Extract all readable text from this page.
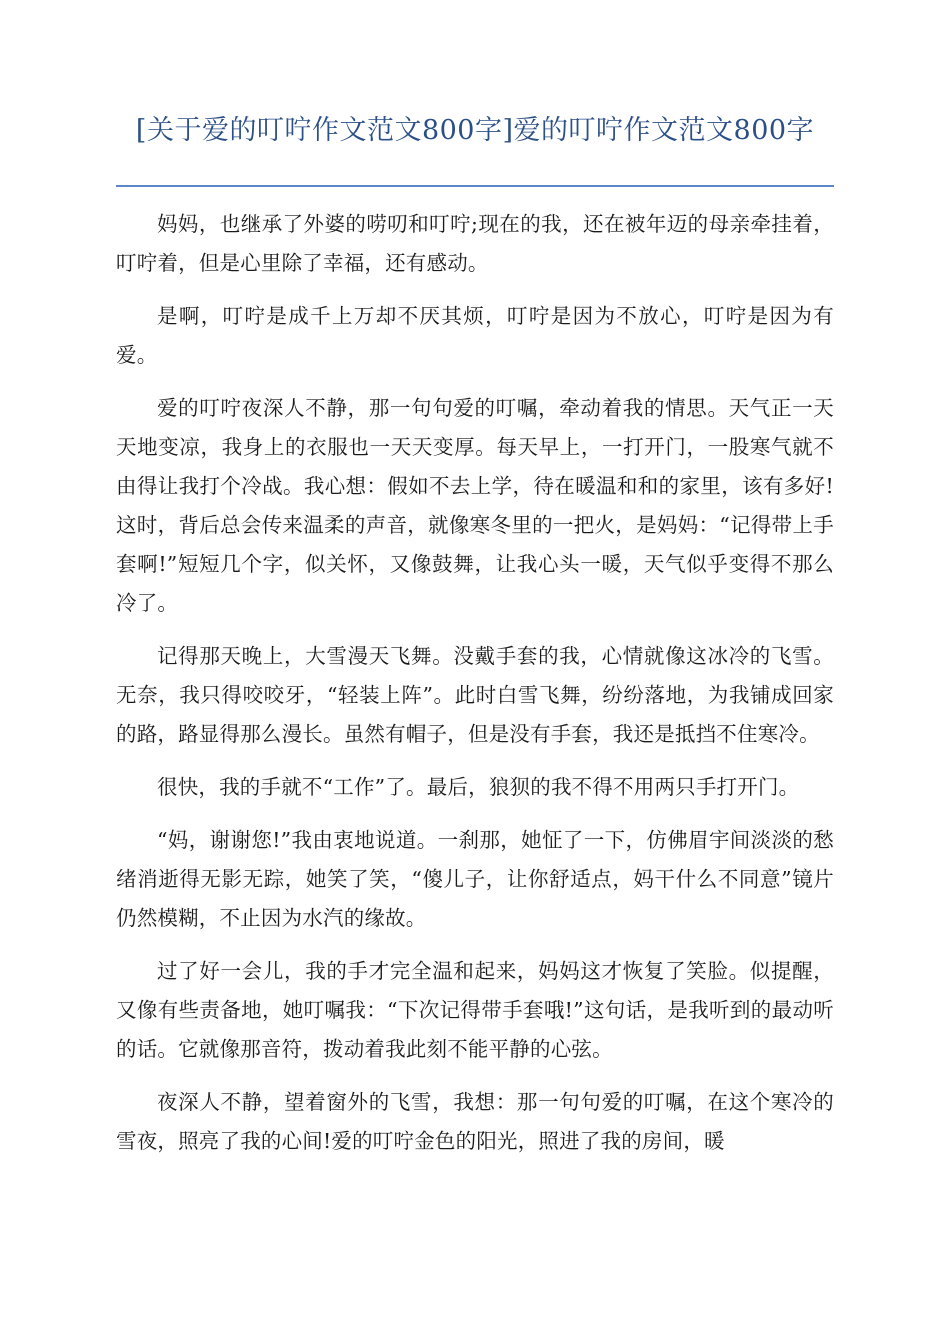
[关于爱的叮咛作文范文800字]爱的叮咛作文范文800字

妈妈，也继承了外婆的唠叨和叮咛;现在的我，还在被年迈的母亲牵挂着，叮咛着，但是心里除了幸福，还有感动。

是啊，叮咛是成千上万却不厌其烦，叮咛是因为不放心，叮咛是因为有爱。

爱的叮咛夜深人不静，那一句句爱的叮嘱，牵动着我的情思。天气正一天天地变凉，我身上的衣服也一天天变厚。每天早上，一打开门，一股寒气就不由得让我打个冷战。我心想：假如不去上学，待在暖温和和的家里，该有多好!这时，背后总会传来温柔的声音，就像寒冬里的一把火，是妈妈：“记得带上手套啊!”短短几个字，似关怀，又像鼓舞，让我心头一暖，天气似乎变得不那么冷了。

记得那天晚上，大雪漫天飞舞。没戴手套的我，心情就像这冰冷的飞雪。无奈，我只得咬咬牙，“轻装上阵”。此时白雪飞舞，纷纷落地，为我铺成回家的路，路显得那么漫长。虽然有帽子，但是没有手套，我还是抵挡不住寒冷。

很快，我的手就不“工作”了。最后，狼狈的我不得不用两只手打开门。

“妈，谢谢您!”我由衷地说道。一刹那，她怔了一下，仿佛眉宇间淡淡的愁绪消逝得无影无踪，她笑了笑，“傻儿子，让你舒适点，妈干什么不同意”镜片仍然模糊，不止因为水汽的缘故。

过了好一会儿，我的手才完全温和起来，妈妈这才恢复了笑脸。似提醒，又像有些责备地，她叮嘱我：“下次记得带手套哦!”这句话，是我听到的最动听的话。它就像那音符，拨动着我此刻不能平静的心弦。

夜深人不静，望着窗外的飞雪，我想：那一句句爱的叮嘱，在这个寒冷的雪夜，照亮了我的心间!爱的叮咛金色的阳光，照进了我的房间，暖
